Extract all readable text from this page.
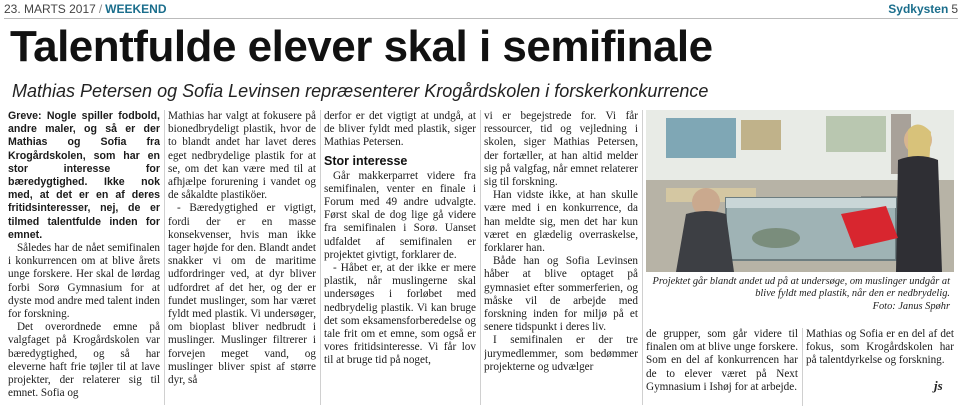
23. MARTS 2017 / WEEKEND	Sydkysten 5
Talentfulde elever skal i semifinale
Mathias Petersen og Sofia Levinsen repræsenterer Krogårdskolen i forskerkonkurrence

Greve: Nogle spiller fodbold, andre maler, og så er der Mathias og Sofia fra Krogårdskolen, som har en stor interesse for bæredygtighed. Ikke nok med, at det er en af deres fritidsinteresser, nej, de er tilmed talentfulde inden for emnet.

Således har de nået semifinalen i konkurrencen om at blive årets unge forskere. Her skal de lørdag forbi Sorø Gymnasium for at dyste mod andre med talent inden for forskning.

Det overordnede emne på valgfaget på Krogårdskolen var bæredygtighed, og så har eleverne haft frie tøjler til at lave projekter, der relaterer sig til emnet. Sofia og

Mathias har valgt at fokusere på bionedbrydeligt plastik, hvor de to blandt andet har lavet deres eget nedbrydelige plastik for at se, om det kan være med til at afhjælpe forurening i vandet og de såkaldte plastiköer.

- Bæredygtighed er vigtigt, fordi der er en masse konsekvenser, hvis man ikke tager højde for den. Blandt andet snakker vi om de maritime udfordringer ved, at dyr bliver udfordret af det her, og der er fundet muslinger, som har været fyldt med plastik. Vi undersøger, om bioplast bliver nedbrudt i muslinger. Muslinger filtrerer i forvejen meget vand, og muslinger bliver spist af større dyr, så

derfor er det vigtigt at undgå, at de bliver fyldt med plastik, siger Mathias Petersen.

Stor interesse

Går makkerparret videre fra semifinalen, venter en finale i Forum med 49 andre udvalgte. Først skal de dog lige gå videre fra semifinalen i Sorø. Uanset udfaldet af semifinalen er projektet givtigt, forklarer de.

- Håbet er, at der ikke er mere plastik, når muslingerne skal undersøges i forløbet med nedbrydelig plastik. Vi kan bruge det som eksamensforberedelse og tale frit om et emne, som også er vores fritidsinteresse. Vi får lov til at bruge tid på noget,

vi er begejstrede for. Vi får ressourcer, tid og vejledning i skolen, siger Mathias Petersen, der fortæller, at han altid melder sig på valgfag, når emnet relaterer sig til forskning.

Han vidste ikke, at han skulle være med i en konkurrence, da han meldte sig, men det har kun været en glædelig overraskelse, forklarer han.

Både han og Sofia Levinsen håber at blive optaget på gymnasiet efter sommerferien, og måske vil de arbejde med forskning inden for miljø på et senere tidspunkt i deres liv.

I semifinalen er der tre jurymedlemmer, som bedømmer projekterne og udvælger

Projektet går blandt andet ud på at undersøge, om muslinger undgår at blive fyldt med plastik, når den er nedbrydelig.
Foto: Janus Spøhr

de grupper, som går videre til finalen om at blive unge forskere. Som en del af konkurrencen har de to elever været på Next Gymnasium i Ishøj for at arbejde.

Mathias og Sofia er en del af det fokus, som Krogårdskolen har på talentdyrkelse og forskning.

js
